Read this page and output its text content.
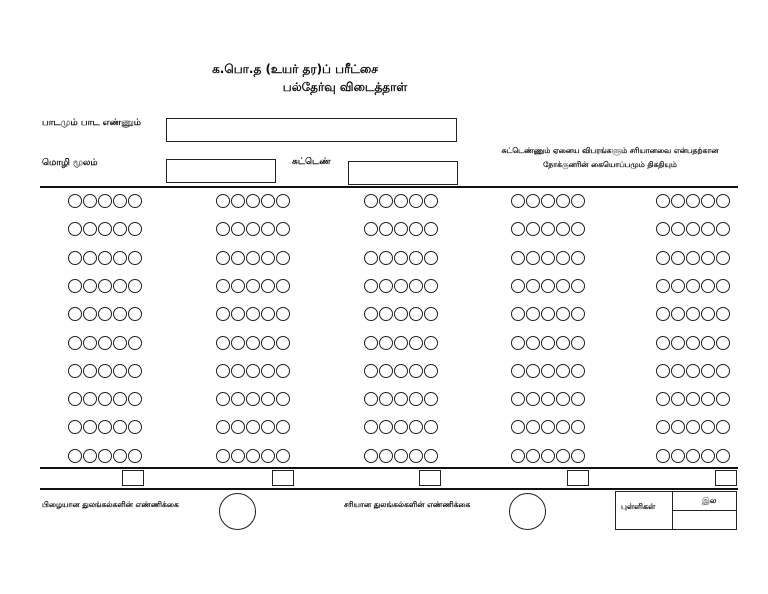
க.பொ.த (உயர் தர)ப் பரீட்சை
பல்தேர்வு விடைத்தாள்
பாடமும் பாட எண்ணும்
மொழி மூலம்	சுட்டெண்
சுட்டெண்ணும் ஏனைய விபரங்களும் சரியானவை என்பதற்கான
நோக்குனரின் கையொப்பமும் திகதியும்
பிழையான துலங்கல்களின் எண்ணிக்கை	சரியான துலங்கல்களின் எண்ணிக்கை	புள்ளிகள்
இல
